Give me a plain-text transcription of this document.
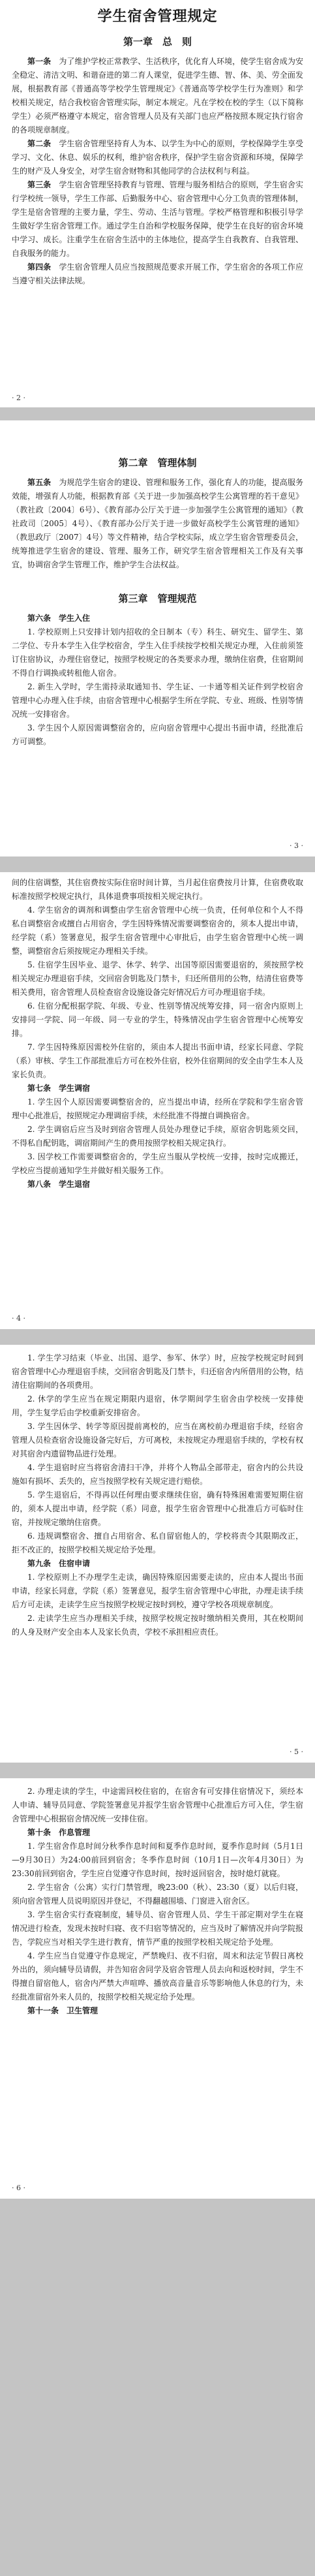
学生宿舍管理规定
第一章　总　则

第一条　 为了维护学校正常教学、生活秩序，优化育人环境，使学生宿舍成为安全稳定、清洁文明、和谐奋进的第二育人课堂，促进学生德、智、体、美、劳全面发展，根据教育部《普通高等学校学生管理规定》《普通高等学校学生行为准则》和学校相关规定，结合我校宿舍管理实际，制定本规定。凡在学校在校的学生（以下简称学生）必须严格遵守本规定，宿舍管理人员及有关部门也应严格按照本规定执行宿舍的各项规章制度。

第二条　 学生宿舍管理坚持育人为本、以学生为中心的原则，学校保障学生享受学习、文化、休息、娱乐的权利，维护宿舍秩序，保护学生宿舍资源和环境，保障学生的财产及人身安全，对学生宿舍财物和其他同学的合法权利与利益。

第三条　 学生宿舍管理坚持教育与管理、管理与服务相结合的原则，学生宿舍实行学校统一领导，学生工作部、后勤服务中心、宿舍管理中心分工负责的管理体制，学生是宿舍管理的主要力量，学生、劳动、生活与管理。学校严格管理和积极引导学生做好学生宿舍管理工作。通过学生自治和学校服务保障，使学生在良好的宿舍环境中学习、成长。注重学生在宿舍生活中的主体地位，提高学生自我教育、自我管理、自我服务的能力。

第四条　 学生宿舍管理人员应当按照规范要求开展工作，学生宿舍的各项工作应当遵守相关法律法规。

· 2 ·
第二章　管理体制

第五条　 为规范学生宿舍的建设、管理和服务工作，强化育人的功能，提高服务效能，增强育人功能，根据教育部《关于进一步加强高校学生公寓管理的若干意见》（教社政〔2004〕6号）、《教育部办公厅关于进一步加强学生公寓管理的通知》（教社政司〔2005〕4号）、《教育部办公厅关于进一步做好高校学生公寓管理的通知》（教思政厅〔2007〕4号）等文件精神，结合学校实际，成立学生宿舍管理委员会，统筹推进学生宿舍的建设、管理、服务工作，研究学生宿舍管理相关工作及有关事宜，协调宿舍学生管理工作，维护学生合法权益。

第三章　管理规范
第六条　学生入住

1. 学校原则上只安排计划内招收的全日制本（专）科生、研究生、留学生、第二学位、专升本学生入住学校宿舍，学生入住手续按学校相关规定办理，入住前须签订住宿协议，办理住宿登记，按照学校规定的各类要求办理，缴纳住宿费，住宿期间不得自行调换或转租他人宿舍。

2. 新生入学时，学生需持录取通知书、学生证、一卡通等相关证件到学校宿舍管理中心办理入住手续，由宿舍管理中心根据学生所在学院、专业、班级、性别等情况统一安排宿舍。

3. 学生因个人原因需调整宿舍的，应向宿舍管理中心提出书面申请，经批准后方可调整。

· 3 ·

间的住宿调整，其住宿费按实际住宿时间计算，当月起住宿费按月计算，住宿费收取标准按照学校规定执行，具体退费事项按相关规定执行。

4. 学生宿舍的调剂和调整由学生宿舍管理中心统一负责，任何单位和个人不得私自调整宿舍或擅自占用宿舍，学生因特殊情况需要调整宿舍的，须本人提出申请，经学院（系）签署意见，报学生宿舍管理中心审批后，由学生宿舍管理中心统一调整，调整宿舍后须按规定办理相关手续。

5. 住宿学生因毕业、退学、休学、转学、出国等原因需要退宿的，须按照学校相关规定办理退宿手续，交回宿舍钥匙及门禁卡，归还所借用的公物，结清住宿费等相关费用，宿舍管理人员检查宿舍设施设备完好情况后方可办理退宿手续。

6. 住宿分配根据学院、年级、专业、性别等情况统筹安排，同一宿舍内原则上安排同一学院、同一年级、同一专业的学生，特殊情况由学生宿舍管理中心统筹安排。

7. 学生因特殊原因需校外住宿的，须由本人提出书面申请，经家长同意、学院（系）审核、学生工作部批准后方可在校外住宿，校外住宿期间的安全由学生本人及家长负责。

第七条　学生调宿

1. 学生因个人原因需要调整宿舍的，应当提出申请，经所在学院和学生宿舍管理中心批准后，按照规定办理调宿手续，未经批准不得擅自调换宿舍。

2. 学生调宿后应当及时到宿舍管理人员处办理登记手续，原宿舍钥匙须交回，不得私自配钥匙，调宿期间产生的费用按照学校相关规定执行。

3. 因学校工作需要调整宿舍的，学生应当服从学校统一安排，按时完成搬迁，学校应当提前通知学生并做好相关服务工作。

第八条　学生退宿
· 4 ·

1. 学生学习结束（毕业、出国、退学、参军、休学）时，应按学校规定时间到宿舍管理中心办理退宿手续，交回宿舍钥匙及门禁卡，归还宿舍内所借用的公物，结清住宿期间的各项费用。

2. 休学的学生应当在规定期限内退宿，休学期间学生宿舍由学校统一安排使用，学生复学后由学校重新安排宿舍。

3. 学生因休学、转学等原因提前离校的，应当在离校前办理退宿手续，经宿舍管理人员检查宿舍设施设备完好后，方可离校，未按规定办理退宿手续的，学校有权对其宿舍内遗留物品进行处理。

4. 学生退宿时应当将宿舍清扫干净，并将个人物品全部带走，宿舍内的公共设施如有损坏、丢失的，应当按照学校有关规定进行赔偿。

5. 学生退宿后，不得再以任何理由要求继续住宿，确有特殊困难需要短期住宿的，须本人提出申请，经学院（系）同意，报学生宿舍管理中心批准后方可临时住宿，并按规定缴纳住宿费。

6. 违规调整宿舍、擅自占用宿舍、私自留宿他人的，学校将责令其限期改正，拒不改正的，按照学校相关规定给予处理。

第九条　住宿申请

1. 学校原则上不办理学生走读，确因特殊原因需要走读的，应由本人提出书面申请，经家长同意，学院（系）签署意见，报学生宿舍管理中心审批，办理走读手续后方可走读，走读学生应当按照学校规定按时到校，遵守学校各项规章制度。

2. 走读学生应当办理相关手续，按照学校规定按时缴纳相关费用，其在校期间的人身及财产安全由本人及家长负责，学校不承担相应责任。

· 5 ·

2. 办理走读的学生，中途需回校住宿的，在宿舍有可安排住宿情况下，须经本人申请、辅导员同意、学院签署意见并报学生宿舍管理中心批准后方可入住，学生宿舍管理中心根据宿舍情况统一安排住宿。

第十条　作息管理

1. 学生宿舍作息时间分秋季作息时间和夏季作息时间，夏季作息时间（5月1日—9月30日）为24:00前回到宿舍；冬季作息时间（10月1日—次年4月30日）为23:30前回到宿舍，学生应自觉遵守作息时间，按时返回宿舍，按时熄灯就寝。

2. 学生宿舍（公寓）实行门禁管理，晚23:00（秋）、23:30（夏）以后归寝，须向宿舍管理人员说明原因并登记，不得翻越围墙、门窗进入宿舍区。

3. 学生宿舍实行查寝制度，辅导员、宿舍管理人员、学生干部定期对学生在寝情况进行检查，发现未按时归寝、夜不归宿等情况的，应当及时了解情况并向学院报告，学院应当对相关学生进行教育，情节严重的按照学校相关规定给予处理。

4. 学生应当自觉遵守作息规定，严禁晚归、夜不归宿，周末和法定节假日离校外出的，须向辅导员请假，并告知宿舍同学及宿舍管理人员去向和返校时间，学生不得擅自留宿他人，宿舍内严禁大声喧哗、播放高音量音乐等影响他人休息的行为，未经批准留宿外来人员的，按照学校相关规定给予处理。

第十一条　卫生管理
· 6 ·
